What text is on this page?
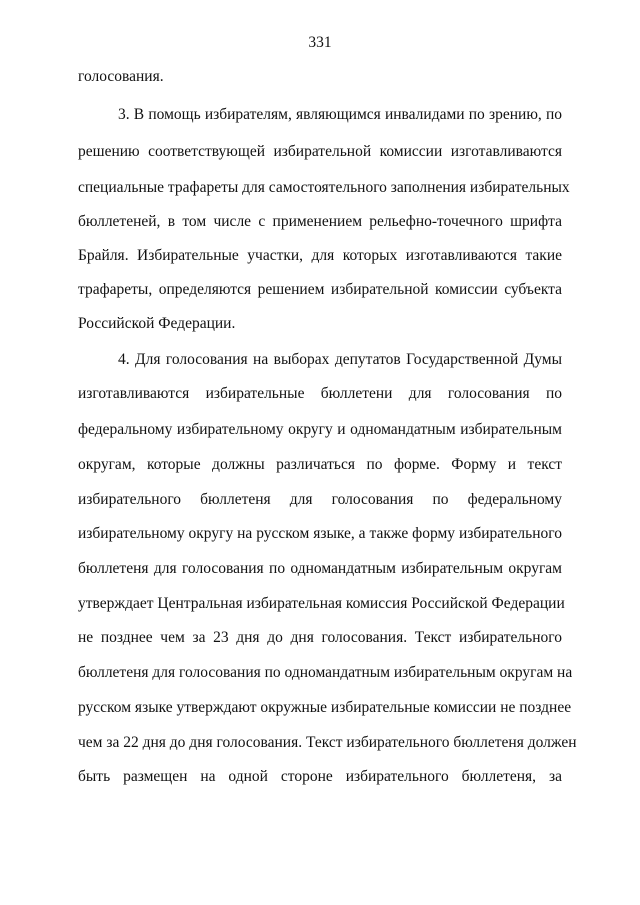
331
голосования.
3. В помощь избирателям, являющимся инвалидами по зрению, по
решению соответствующей избирательной комиссии изготавливаются
специальные трафареты для самостоятельного заполнения избирательных
бюллетеней, в том числе с применением рельефно-точечного шрифта
Брайля. Избирательные участки, для которых изготавливаются такие
трафареты, определяются решением избирательной комиссии субъекта
Российской Федерации.
4. Для голосования на выборах депутатов Государственной Думы
изготавливаются избирательные бюллетени для голосования по
федеральному избирательному округу и одномандатным избирательным
округам, которые должны различаться по форме. Форму и текст
избирательного бюллетеня для голосования по федеральному
избирательному округу на русском языке, а также форму избирательного
бюллетеня для голосования по одномандатным избирательным округам
утверждает Центральная избирательная комиссия Российской Федерации
не позднее чем за 23 дня до дня голосования. Текст избирательного
бюллетеня для голосования по одномандатным избирательным округам на
русском языке утверждают окружные избирательные комиссии не позднее
чем за 22 дня до дня голосования. Текст избирательного бюллетеня должен
быть размещен на одной стороне избирательного бюллетеня, за
